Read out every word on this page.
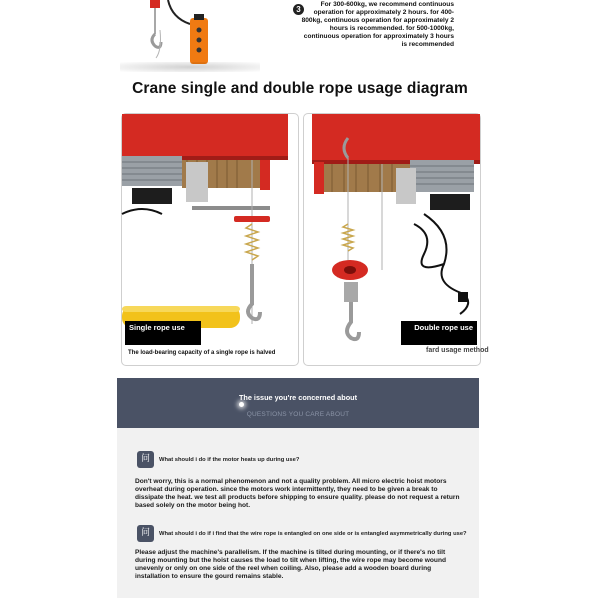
3
For 300-600kg, we recommend continuous operation for approximately 2 hours. for 400-800kg, continuous operation for approximately 2 hours is recommended. for 500-1000kg, continuous operation for approximately 3 hours is recommended
Crane single and double rope usage diagram
Single rope use
The load-bearing capacity of a single rope is halved
Double rope use
fard usage method
The issue you're concerned about
QUESTIONS YOU CARE ABOUT
问	What should i do if the motor heats up during use?
Don't worry, this is a normal phenomenon and not a quality problem. All micro electric hoist motors overheat during operation. since the motors work intermittently, they need to be given a break to dissipate the heat. we test all products before shipping to ensure quality. please do not request a return based solely on the motor being hot.
问	What should i do if i find that the wire rope is entangled on one side or is entangled asymmetrically during use?
Please adjust the machine's parallelism. If the machine is tilted during mounting, or if there's no tilt during mounting but the hoist causes the load to tilt when lifting, the wire rope may become wound unevenly or only on one side of the reel when coiling. Also, please add a wooden board during installation to ensure the gourd remains stable.
